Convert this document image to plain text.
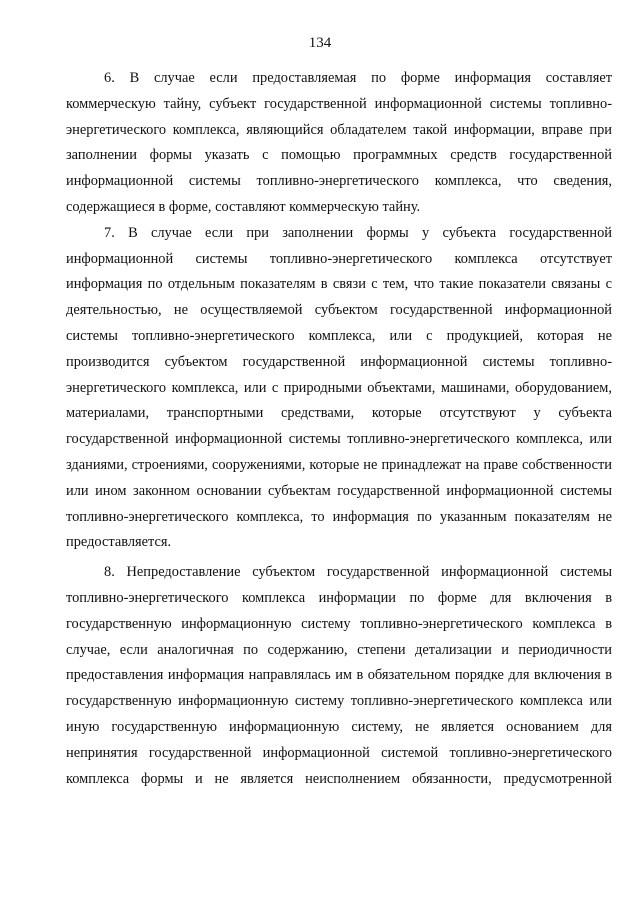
134

6. В случае если предоставляемая по форме информация составляет коммерческую тайну, субъект государственной информационной системы топливно-энергетического комплекса, являющийся обладателем такой информации, вправе при заполнении формы указать с помощью программных средств государственной информационной системы топливно-энергетического комплекса, что сведения, содержащиеся в форме, составляют коммерческую тайну.

7. В случае если при заполнении формы у субъекта государственной информационной системы топливно-энергетического комплекса отсутствует информация по отдельным показателям в связи с тем, что такие показатели связаны с деятельностью, не осуществляемой субъектом государственной информационной системы топливно-энергетического комплекса, или с продукцией, которая не производится субъектом государственной информационной системы топливно-энергетического комплекса, или с природными объектами, машинами, оборудованием, материалами, транспортными средствами, которые отсутствуют у субъекта государственной информационной системы топливно-энергетического комплекса, или зданиями, строениями, сооружениями, которые не принадлежат на праве собственности или ином законном основании субъектам государственной информационной системы топливно-энергетического комплекса, то информация по указанным показателям не предоставляется.

8. Непредоставление субъектом государственной информационной системы топливно-энергетического комплекса информации по форме для включения в государственную информационную систему топливно-энергетического комплекса в случае, если аналогичная по содержанию, степени детализации и периодичности предоставления информация направлялась им в обязательном порядке для включения в государственную информационную систему топливно-энергетического комплекса или иную государственную информационную систему, не является основанием для непринятия государственной информационной системой топливно-энергетического комплекса формы и не является неисполнением обязанности, предусмотренной
